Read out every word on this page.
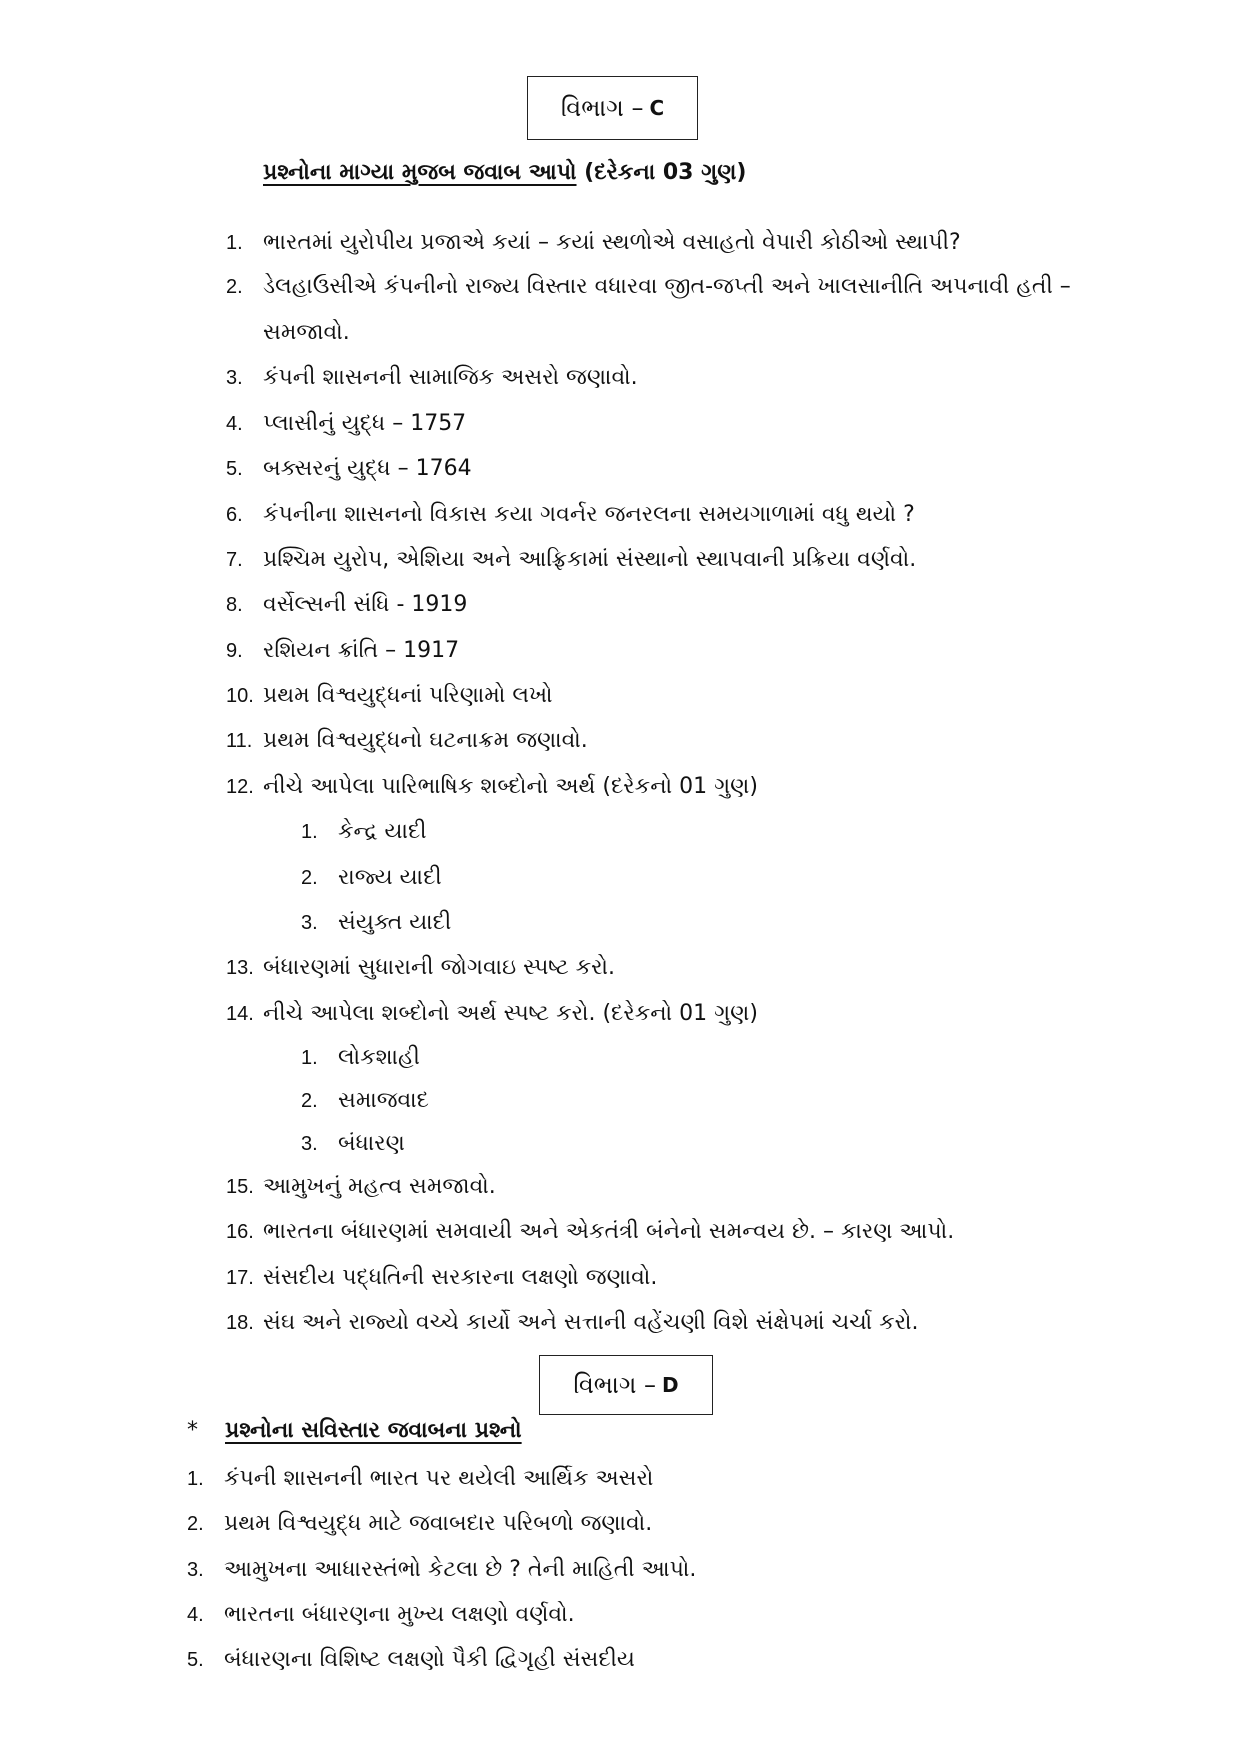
વિભાગ – C
પ્રશ્નોના માગ્યા મુજબ જવાબ આપો (દરેકના 03 ગુણ)
1. ભારતમાં યુરોપીય પ્રજાએ કયાં – કયાં સ્થળોએ વસાહતો વેપારી કોઠીઓ સ્થાપી?
2. ડેલહાઉસીએ કંપનીનો રાજ્ય વિસ્તાર વધારવા જીત-જપ્તી અને ખાલસાનીતિ અપનાવી હતી –
સમજાવો.
3. કંપની શાસનની સામાજિક અસરો જણાવો.
4. પ્લાસીનું યુદ્ધ – 1757
5. બક્સરનું યુદ્ધ – 1764
6. કંપનીના શાસનનો વિકાસ કયા ગવર્નર જનરલના સમયગાળામાં વધુ થયો ?
7. પ્રશ્ચિમ યુરોપ, એશિયા અને આફ્રિકામાં સંસ્થાનો સ્થાપવાની પ્રક્રિયા વર્ણવો.
8. વર્સેલ્સની સંધિ - 1919
9. રશિયન ક્રાંતિ – 1917
10. પ્રથમ વિશ્વયુદ્ધનાં પરિણામો લખો
11. પ્રથમ વિશ્વયુદ્ધનો ઘટનાક્રમ જણાવો.
12. નીચે આપેલા પારિભાષિક શબ્દોનો અર્થ (દરેકનો 01 ગુણ)
1. કેન્દ્ર યાદી
2. રાજ્ય યાદી
3. સંયુક્ત યાદી
13. બંધારણમાં સુધારાની જોગવાઇ સ્પષ્ટ કરો.
14. નીચે આપેલા શબ્દોનો અર્થ સ્પષ્ટ કરો. (દરેકનો 01 ગુણ)
1. લોકશાહી
2. સમાજવાદ
3. બંધારણ
15. આમુખનું મહત્વ સમજાવો.
16. ભારતના બંધારણમાં સમવાયી અને એકતંત્રી બંનેનો સમન્વય છે. – કારણ આપો.
17. સંસદીય પદ્ધતિની સરકારના લક્ષણો જણાવો.
18. સંઘ અને રાજ્યો વચ્ચે કાર્યો અને સત્તાની વહેંચણી વિશે સંક્ષેપમાં ચર્ચા કરો.
વિભાગ – D
* પ્રશ્નોના સવિસ્તાર જવાબના પ્રશ્નો
1. કંપની શાસનની ભારત પર થયેલી આર્થિક અસરો
2. પ્રથમ વિશ્વયુદ્ધ માટે જવાબદાર પરિબળો જણાવો.
3. આમુખના આધારસ્તંભો કેટલા છે ? તેની માહિતી આપો.
4. ભારતના બંધારણના મુખ્ય લક્ષણો વર્ણવો.
5. બંધારણના વિશિષ્ટ લક્ષણો પૈકી દ્વિગૃહી સંસદીય
